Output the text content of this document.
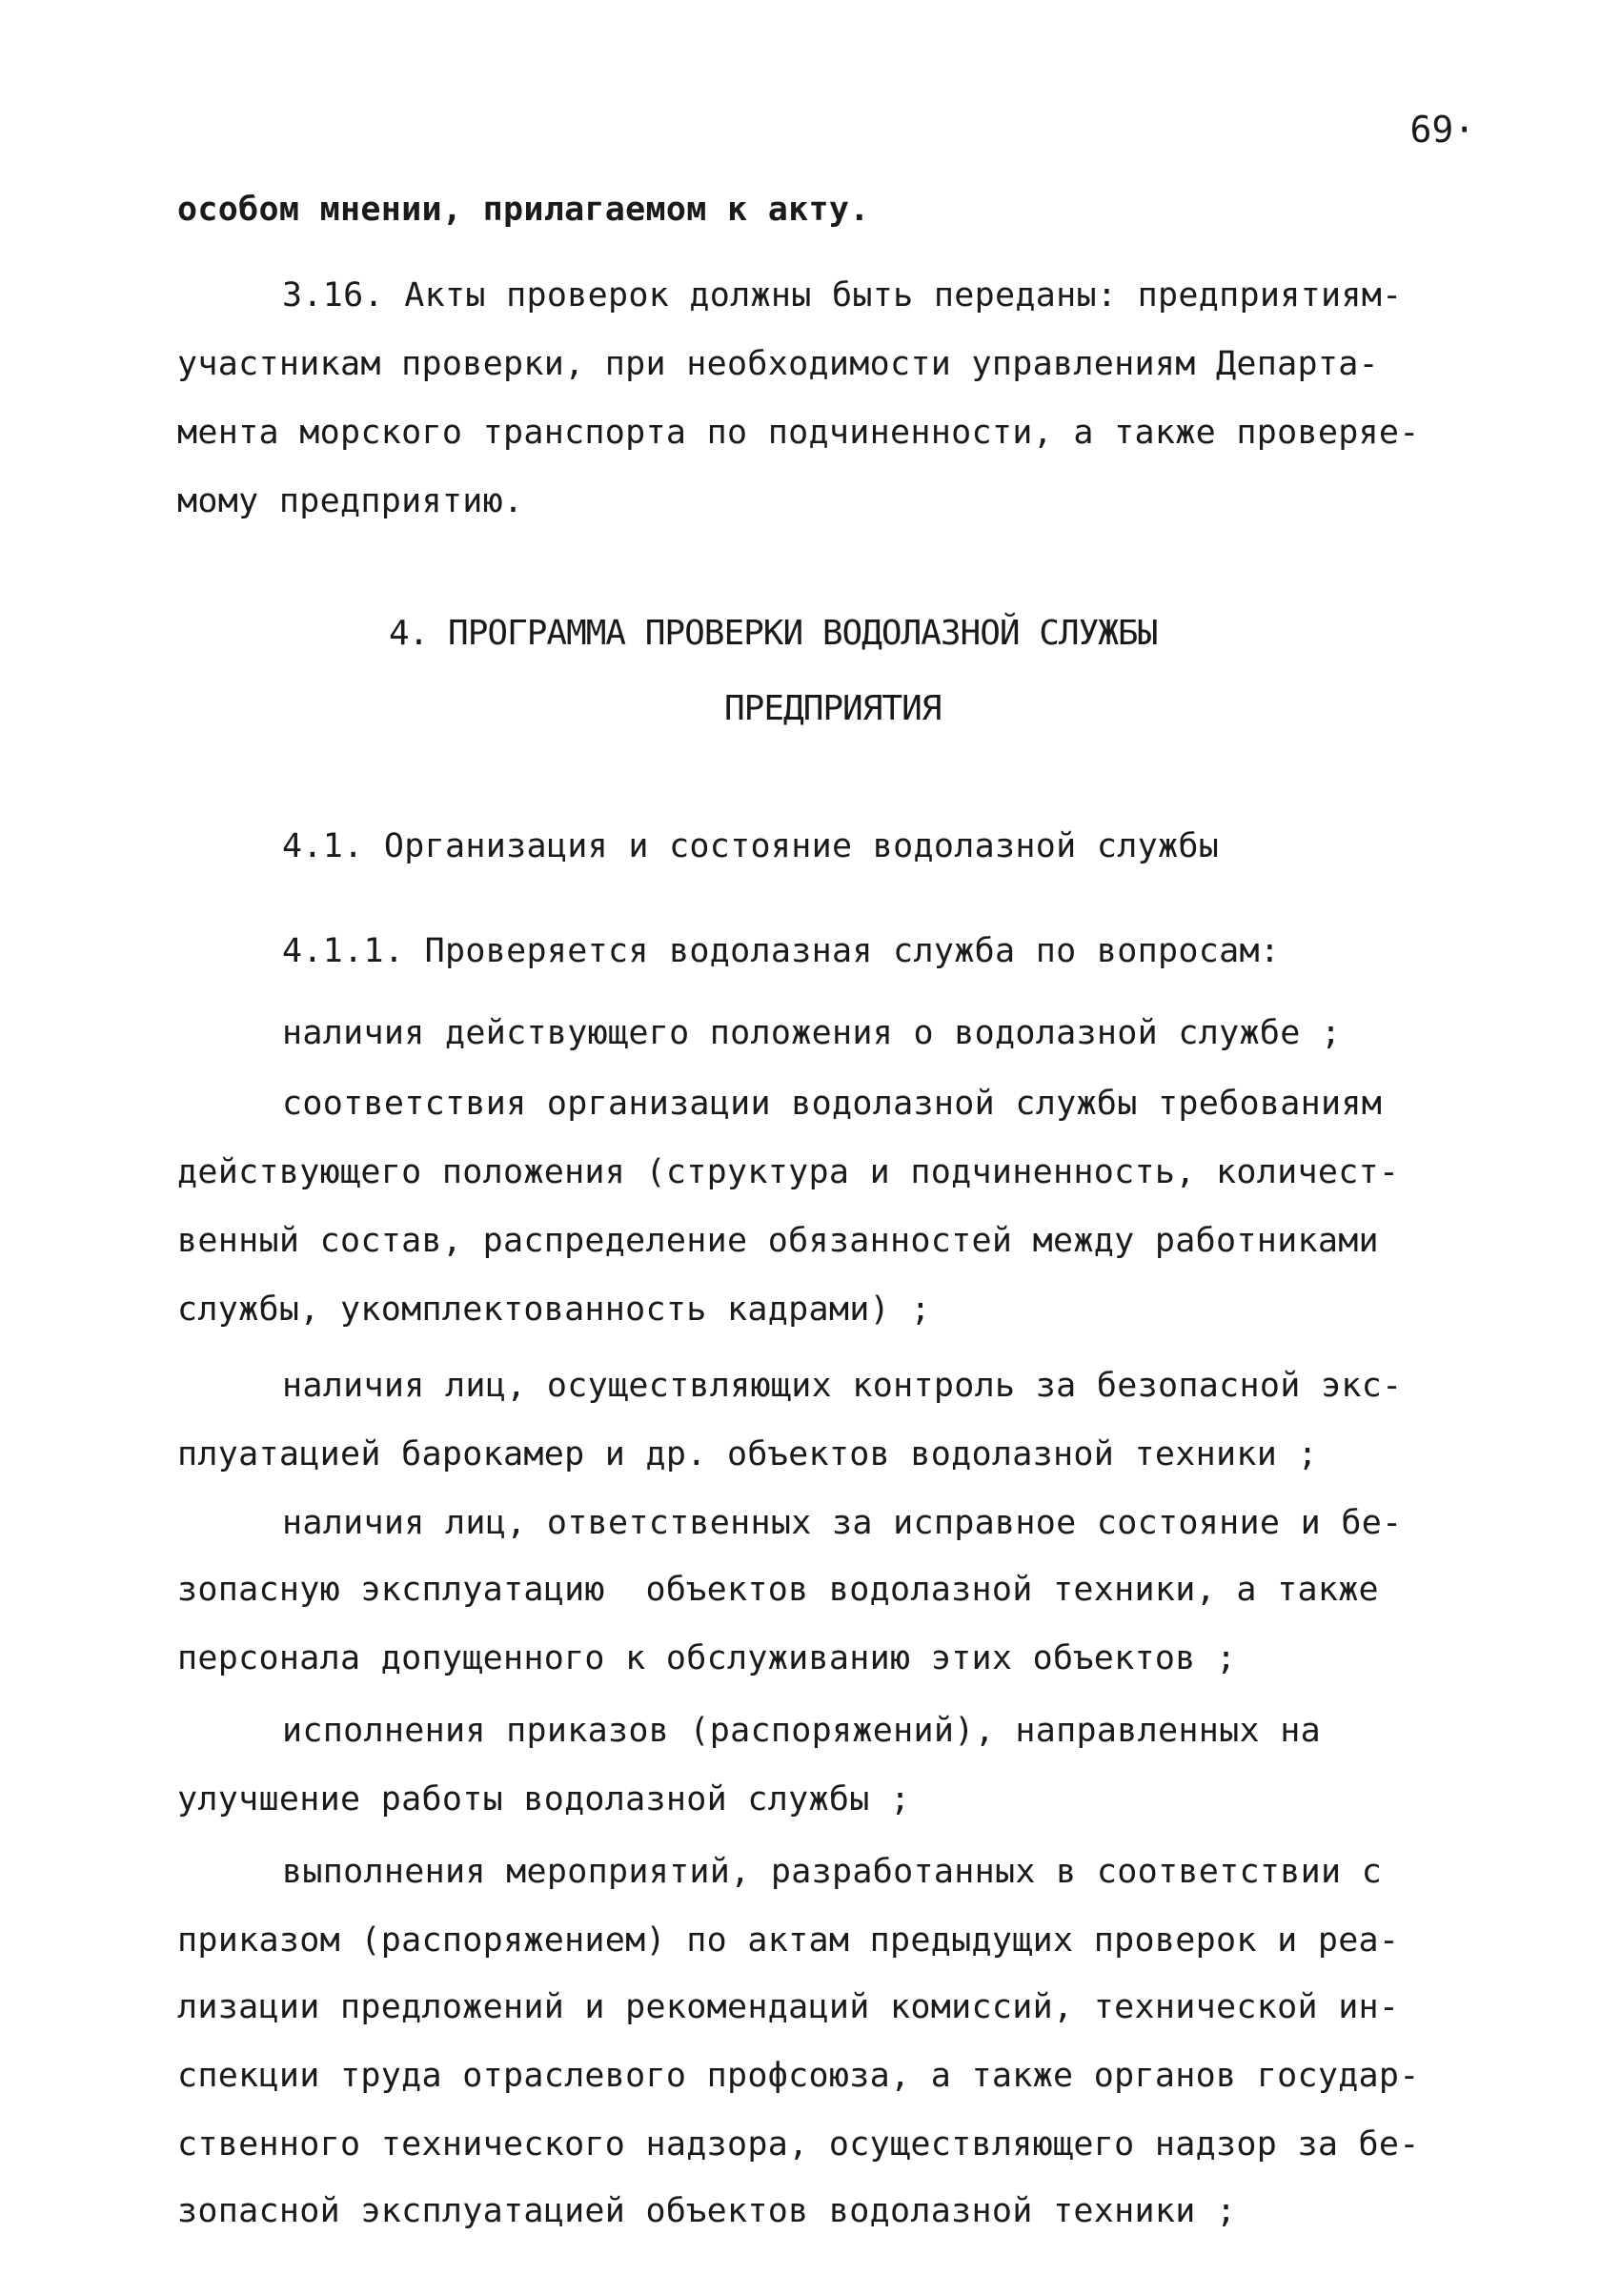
69·

особом мнении, прилагаемом к акту.
3.16. Акты проверок должны быть переданы: предприятиям-
участникам проверки, при необходимости управлениям Департа-
мента морского транспорта по подчиненности, а также проверяе-
мому предприятию.
4. ПРОГРАММА ПРОВЕРКИ ВОДОЛАЗНОЙ СЛУЖБЫ
ПРЕДПРИЯТИЯ
4.1. Организация и состояние водолазной службы
4.1.1. Проверяется водолазная служба по вопросам:
наличия действующего положения о водолазной службе ;
соответствия организации водолазной службы требованиям
действующего положения (структура и подчиненность, количест-
венный состав, распределение обязанностей между работниками
службы, укомплектованность кадрами) ;
наличия лиц, осуществляющих контроль за безопасной экс-
плуатацией барокамер и др. объектов водолазной техники ;
наличия лиц, ответственных за исправное состояние и бе-
зопасную эксплуатацию  объектов водолазной техники, а также
персонала допущенного к обслуживанию этих объектов ;
исполнения приказов (распоряжений), направленных на
улучшение работы водолазной службы ;
выполнения мероприятий, разработанных в соответствии с
приказом (распоряжением) по актам предыдущих проверок и реа-
лизации предложений и рекомендаций комиссий, технической ин-
спекции труда отраслевого профсоюза, а также органов государ-
ственного технического надзора, осуществляющего надзор за бе-
зопасной эксплуатацией объектов водолазной техники ;
